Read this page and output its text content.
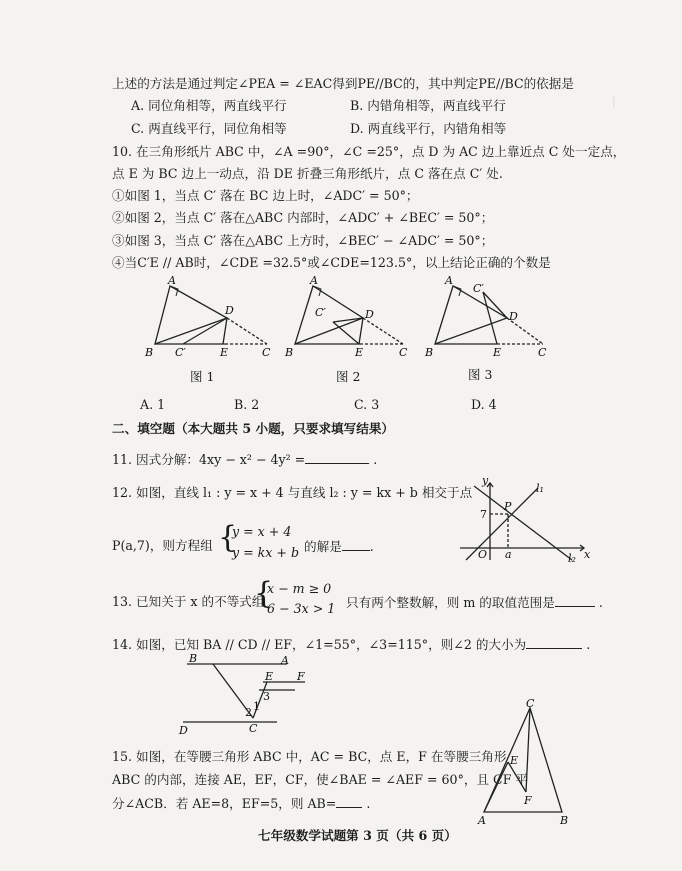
|
上述的方法是通过判定∠PEA = ∠EAC得到PE//BC的，其中判定PE//BC的依据是
A. 同位角相等，两直线平行	B. 内错角相等，两直线平行
C. 两直线平行，同位角相等	D. 两直线平行，内错角相等
10. 在三角形纸片 ABC 中，∠A =90°，∠C =25°，点 D 为 AC 边上靠近点 C 处一定点，
点 E 为 BC 边上一动点，沿 DE 折叠三角形纸片，点 C 落在点 C′ 处.
①如图 1，当点 C′ 落在 BC 边上时，∠ADC′ = 50°；
②如图 2，当点 C′ 落在△ABC 内部时，∠ADC′ + ∠BEC′ = 50°；
③如图 3，当点 C′ 落在△ABC 上方时，∠BEC′ − ∠ADC′ = 50°；
④当C′E // AB时，∠CDE =32.5°或∠CDE=123.5°，以上结论正确的个数是
A
D
B C′	E	C
图 1
A
C′	D
B	E	C
图 2
A
C′
D
B	E	C
图 3
A. 1	B. 2	C. 3	D. 4
二、填空题（本大题共 5 小题，只要求填写结果）
11. 因式分解：4xy − x² − 4y² =	.
12. 如图，直线 l₁ : y = x + 4 与直线 l₂ : y = kx + b 相交于点
P(a,7)，则方程组 {
y = x + 4
y = kx + b 的解是 .
y
l₁
P
7
O a	x
l₂
13. 已知关于 x 的不等式组
{
x − m ≥ 0
6 − 3x > 1 只有两个整数解，则 m 的取值范围是	.
14. 如图，已知 BA // CD // EF，∠1=55°，∠3=115°，则∠2 的大小为	.
B	A
E F
3
1
2
C
D
15. 如图，在等腰三角形 ABC 中，AC = BC，点 E，F 在等腰三角形
ABC 的内部，连接 AE，EF，CF，使∠BAE = ∠AEF = 60°，且 CF 平
分∠ACB．若 AE=8，EF=5，则 AB= .
C
E
F
A	B
七年级数学试题第 3 页（共 6 页）
